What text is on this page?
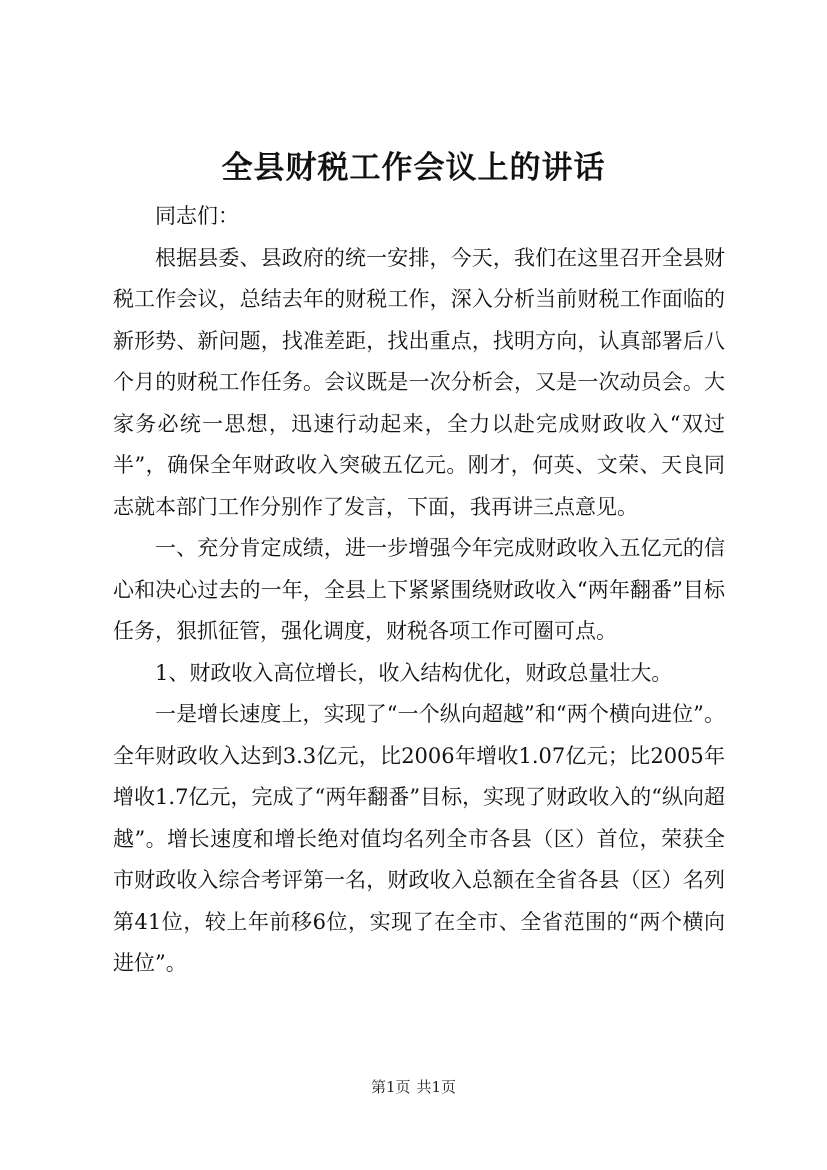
全县财税工作会议上的讲话

同志们：

根据县委、县政府的统一安排，今天，我们在这里召开全县财税工作会议，总结去年的财税工作，深入分析当前财税工作面临的新形势、新问题，找准差距，找出重点，找明方向，认真部署后八个月的财税工作任务。会议既是一次分析会，又是一次动员会。大家务必统一思想，迅速行动起来，全力以赴完成财政收入“双过半”，确保全年财政收入突破五亿元。刚才，何英、文荣、天良同志就本部门工作分别作了发言，下面，我再讲三点意见。

一、充分肯定成绩，进一步增强今年完成财政收入五亿元的信心和决心过去的一年，全县上下紧紧围绕财政收入“两年翻番”目标任务，狠抓征管，强化调度，财税各项工作可圈可点。

1、财政收入高位增长，收入结构优化，财政总量壮大。

一是增长速度上，实现了“一个纵向超越”和“两个横向进位”。全年财政收入达到3.3亿元，比2006年增收1.07亿元；比2005年增收1.7亿元，完成了“两年翻番”目标，实现了财政收入的“纵向超越”。增长速度和增长绝对值均名列全市各县（区）首位，荣获全市财政收入综合考评第一名，财政收入总额在全省各县（区）名列第41位，较上年前移6位，实现了在全市、全省范围的“两个横向进位”。

第1页 共1页
